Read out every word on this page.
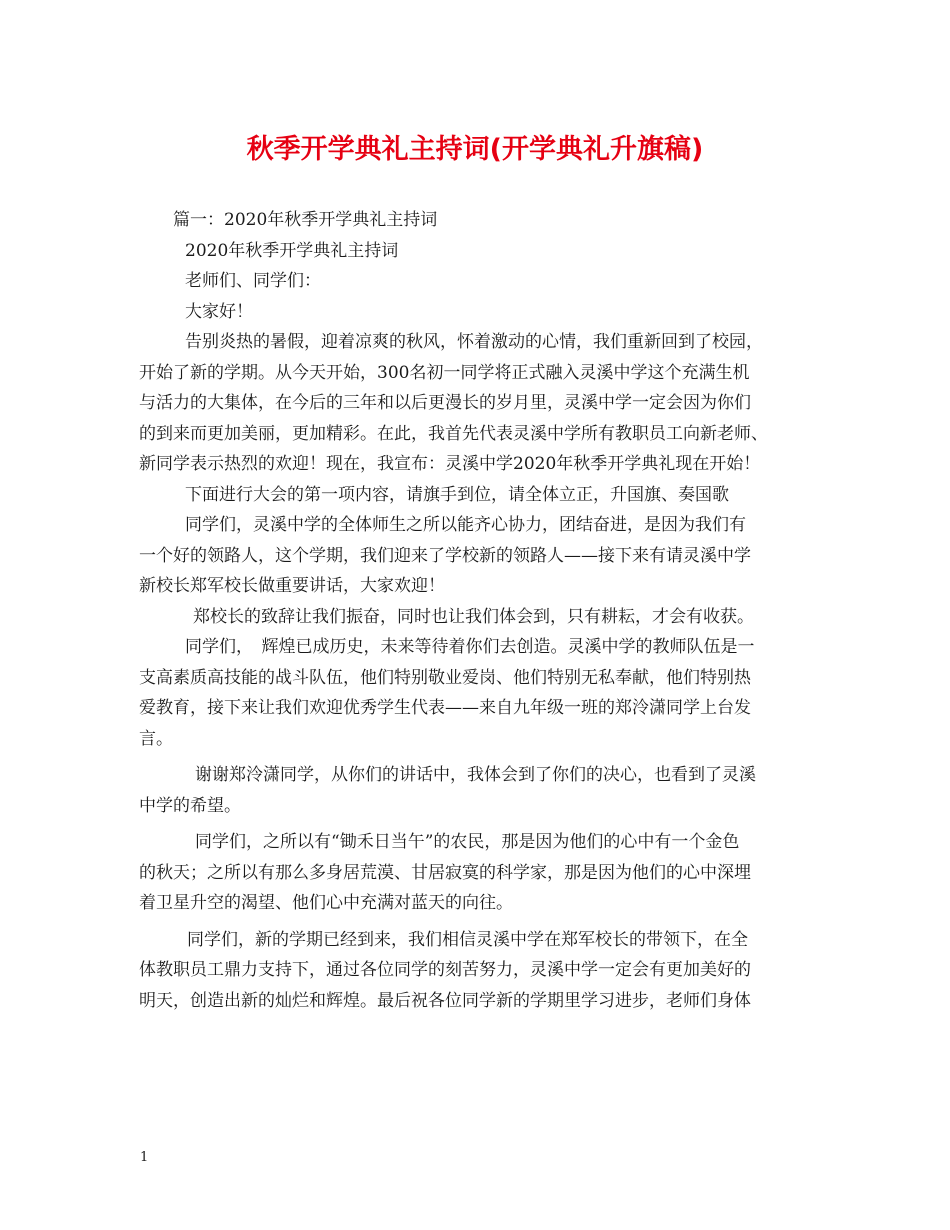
秋季开学典礼主持词(开学典礼升旗稿)

篇一：2020年秋季开学典礼主持词

2020年秋季开学典礼主持词

老师们、同学们：

大家好！

告别炎热的暑假，迎着凉爽的秋风，怀着激动的心情，我们重新回到了校园，

开始了新的学期。从今天开始，300名初一同学将正式融入灵溪中学这个充满生机

与活力的大集体，在今后的三年和以后更漫长的岁月里，灵溪中学一定会因为你们

的到来而更加美丽，更加精彩。在此，我首先代表灵溪中学所有教职员工向新老师、

新同学表示热烈的欢迎！现在，我宣布：灵溪中学2020年秋季开学典礼现在开始！

下面进行大会的第一项内容，请旗手到位，请全体立正，升国旗、奏国歌

同学们，灵溪中学的全体师生之所以能齐心协力，团结奋进，是因为我们有

一个好的领路人，这个学期，我们迎来了学校新的领路人——接下来有请灵溪中学

新校长郑军校长做重要讲话，大家欢迎！

郑校长的致辞让我们振奋，同时也让我们体会到，只有耕耘，才会有收获。

同学们，　辉煌已成历史，未来等待着你们去创造。灵溪中学的教师队伍是一

支高素质高技能的战斗队伍，他们特别敬业爱岗、他们特别无私奉献，他们特别热

爱教育，接下来让我们欢迎优秀学生代表——来自九年级一班的郑泠潇同学上台发

言。

谢谢郑泠潇同学，从你们的讲话中，我体会到了你们的决心，也看到了灵溪

中学的希望。

同学们，之所以有“锄禾日当午”的农民，那是因为他们的心中有一个金色

的秋天；之所以有那么多身居荒漠、甘居寂寞的科学家，那是因为他们的心中深埋

着卫星升空的渴望、他们心中充满对蓝天的向往。

同学们，新的学期已经到来，我们相信灵溪中学在郑军校长的带领下，在全

体教职员工鼎力支持下，通过各位同学的刻苦努力，灵溪中学一定会有更加美好的

明天，创造出新的灿烂和辉煌。最后祝各位同学新的学期里学习进步，老师们身体

1
